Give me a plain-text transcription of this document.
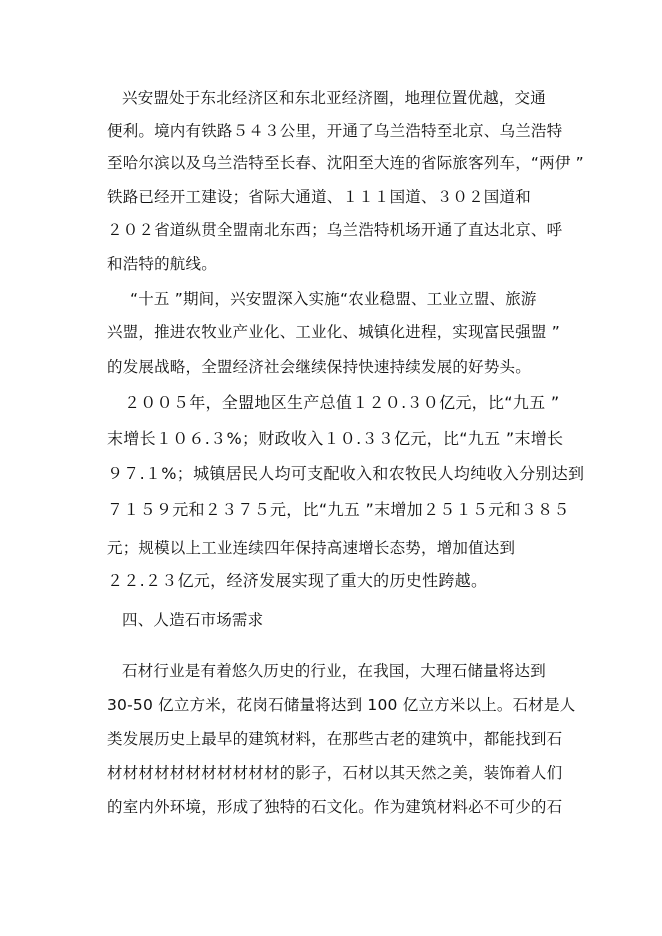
兴安盟处于东北经济区和东北亚经济圈，地理位置优越，交通
便利。境内有铁路５４３公里，开通了乌兰浩特至北京、乌兰浩特
至哈尔滨以及乌兰浩特至长春、沈阳至大连的省际旅客列车，“两伊 ”
铁路已经开工建设；省际大通道、１１１国道、３０２国道和
２０２省道纵贯全盟南北东西；乌兰浩特机场开通了直达北京、呼
和浩特的航线。
“十五 ”期间，兴安盟深入实施“农业稳盟、工业立盟、旅游
兴盟，推进农牧业产业化、工业化、城镇化进程，实现富民强盟 ”
的发展战略，全盟经济社会继续保持快速持续发展的好势头。
２００５年，全盟地区生产总值１２０.３０亿元，比“九五 ”
末增长１０６.３%；财政收入１０.３３亿元，比“九五 ”末增长
９７.１%；城镇居民人均可支配收入和农牧民人均纯收入分别达到
７１５９元和２３７５元，比“九五 ”末增加２５１５元和３８５
元；规模以上工业连续四年保持高速增长态势，增加值达到
２２.２３亿元，经济发展实现了重大的历史性跨越。
四、人造石市场需求
石材行业是有着悠久历史的行业，在我国，大理石储量将达到
30-50 亿立方米，花岗石储量将达到 100 亿立方米以上。石材是人
类发展历史上最早的建筑材料，在那些古老的建筑中，都能找到石
材材材材材材材材材材材的影子，石材以其天然之美，装饰着人们
的室内外环境，形成了独特的石文化。作为建筑材料必不可少的石
